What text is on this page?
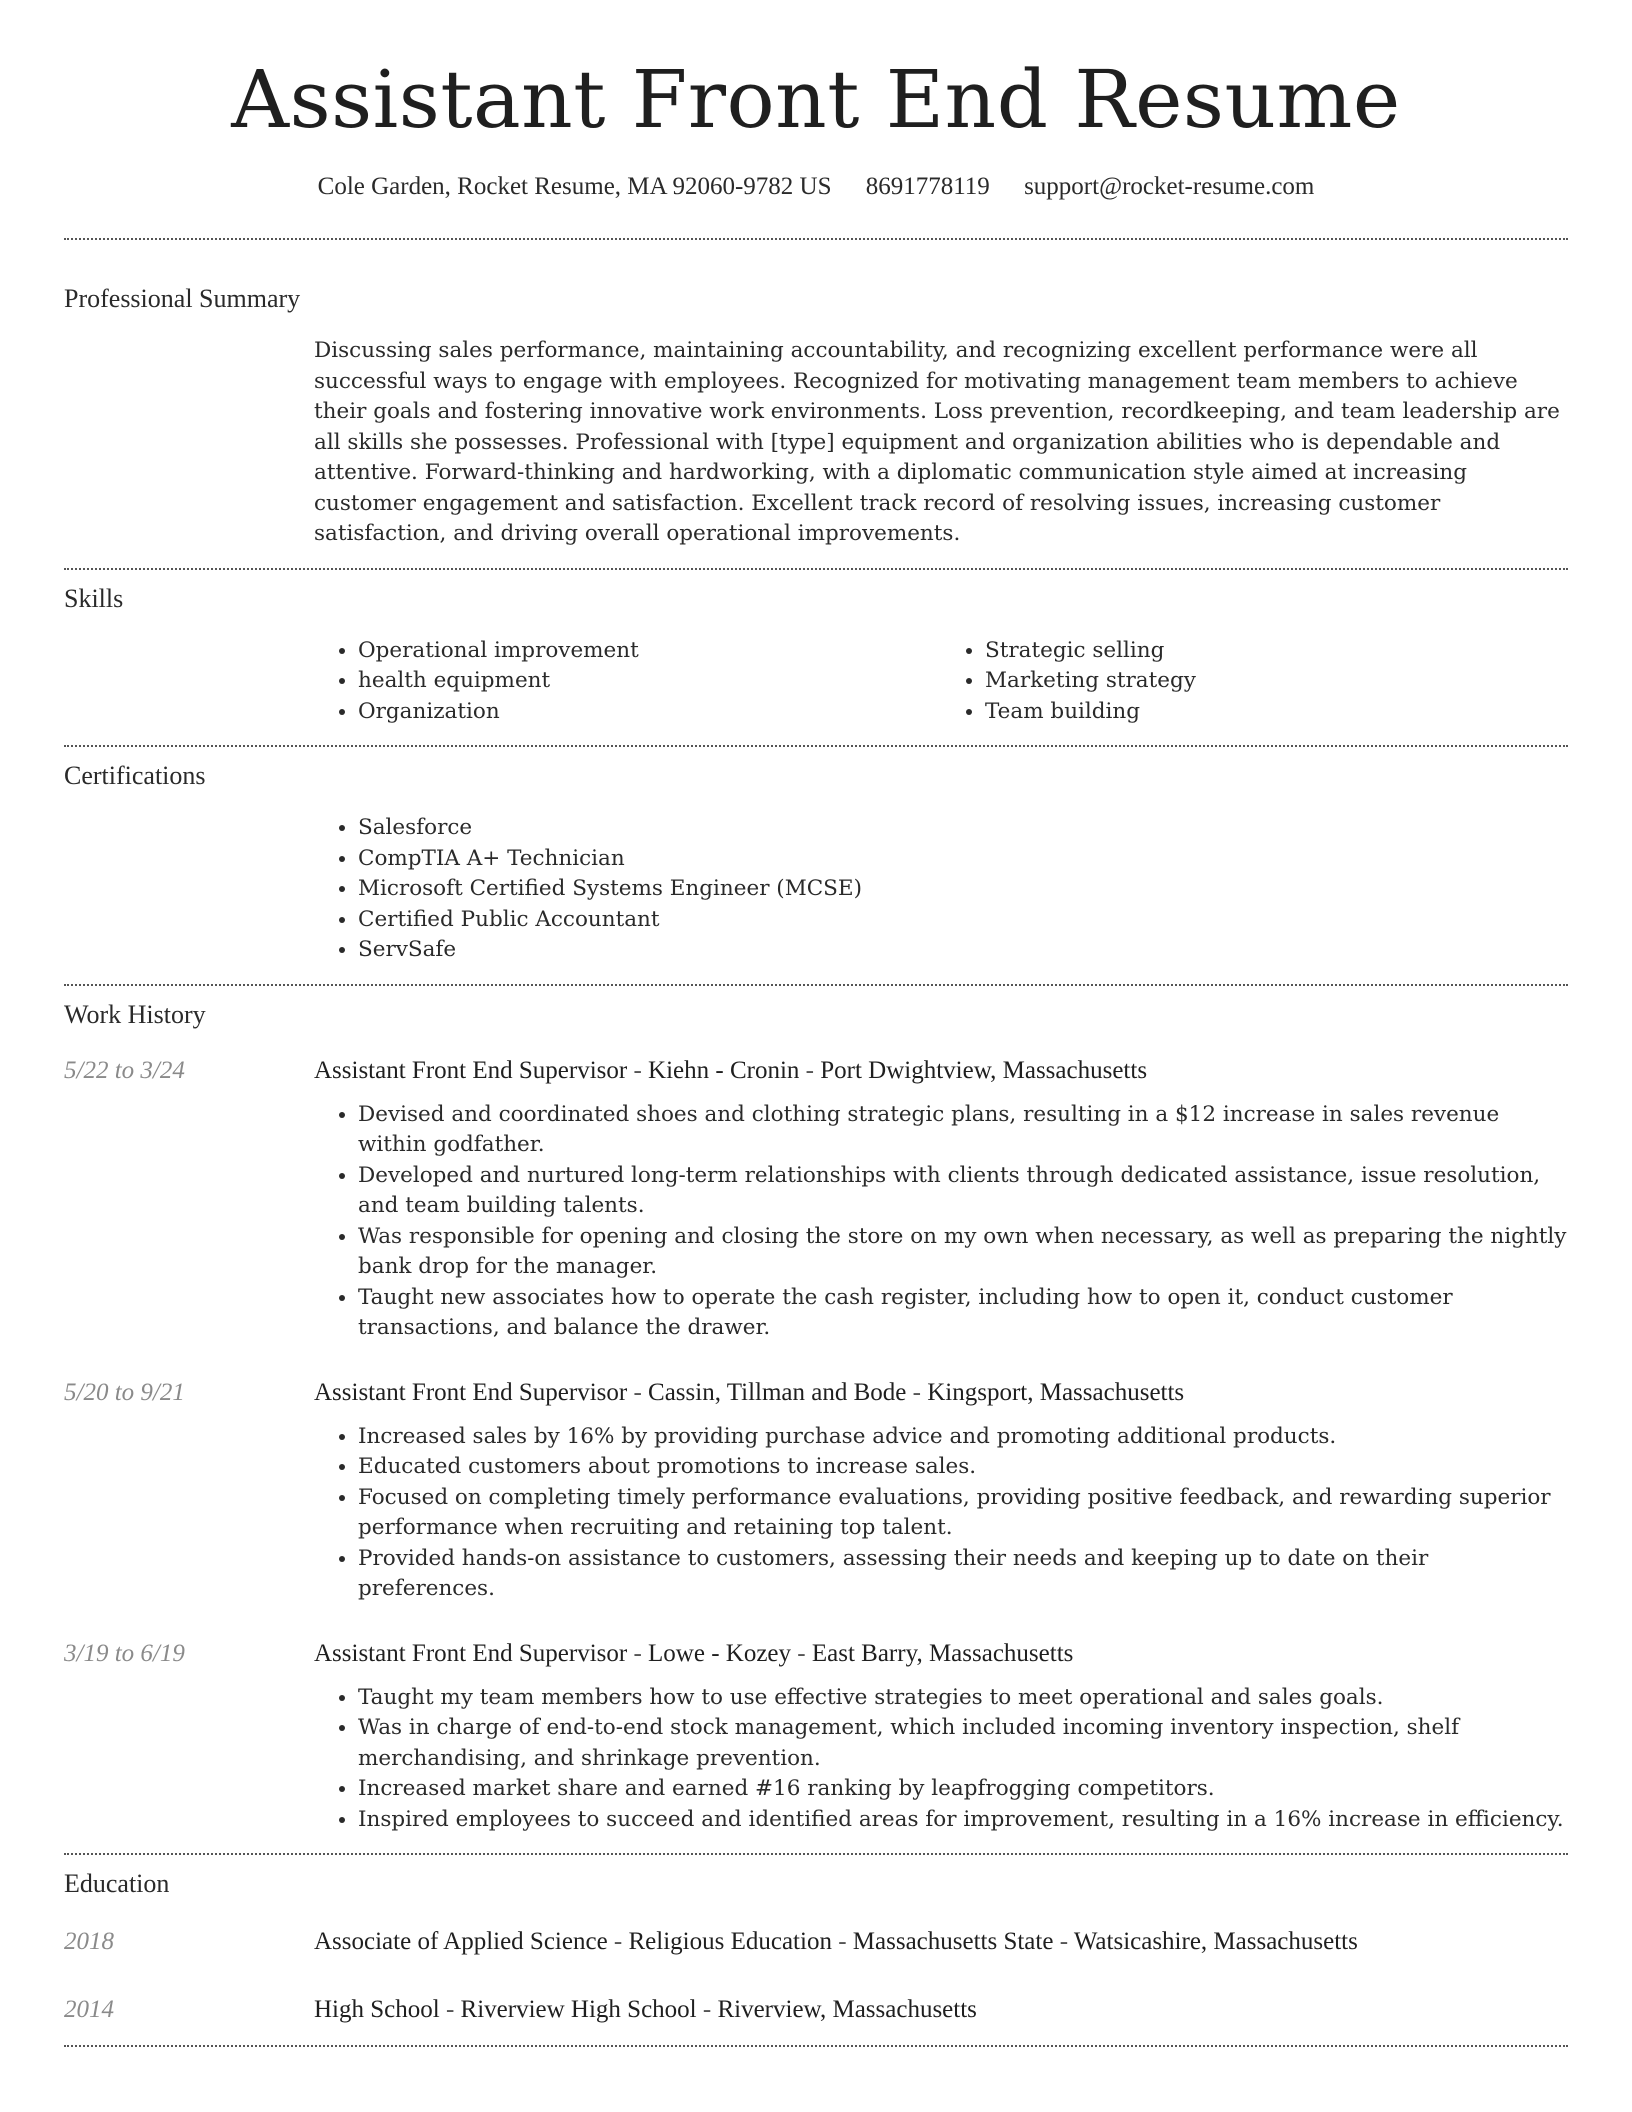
Assistant Front End Resume
Cole Garden, Rocket Resume, MA 92060-9782 US 8691778119 support@rocket-resume.com
Professional Summary

Discussing sales performance, maintaining accountability, and recognizing excellent performance were all successful ways to engage with employees. Recognized for motivating management team members to achieve their goals and fostering innovative work environments. Loss prevention, recordkeeping, and team leadership are all skills she possesses. Professional with [type] equipment and organization abilities who is dependable and attentive. Forward-thinking and hardworking, with a diplomatic communication style aimed at increasing customer engagement and satisfaction. Excellent track record of resolving issues, increasing customer satisfaction, and driving overall operational improvements.

Skills
• Operational improvement
• health equipment
• Organization
• Strategic selling
• Marketing strategy
• Team building
Certifications
• Salesforce
• CompTIA A+ Technician
• Microsoft Certified Systems Engineer (MCSE)
• Certified Public Accountant
• ServSafe
Work History
5/22 to 3/24	Assistant Front End Supervisor - Kiehn - Cronin - Port Dwightview, Massachusetts
• Devised and coordinated shoes and clothing strategic plans, resulting in a $12 increase in sales revenue within godfather.
• Developed and nurtured long-term relationships with clients through dedicated assistance, issue resolution, and team building talents.
• Was responsible for opening and closing the store on my own when necessary, as well as preparing the nightly bank drop for the manager.
• Taught new associates how to operate the cash register, including how to open it, conduct customer transactions, and balance the drawer.
5/20 to 9/21	Assistant Front End Supervisor - Cassin, Tillman and Bode - Kingsport, Massachusetts
• Increased sales by 16% by providing purchase advice and promoting additional products.
• Educated customers about promotions to increase sales.
• Focused on completing timely performance evaluations, providing positive feedback, and rewarding superior performance when recruiting and retaining top talent.
• Provided hands-on assistance to customers, assessing their needs and keeping up to date on their preferences.
3/19 to 6/19	Assistant Front End Supervisor - Lowe - Kozey - East Barry, Massachusetts
• Taught my team members how to use effective strategies to meet operational and sales goals.
• Was in charge of end-to-end stock management, which included incoming inventory inspection, shelf merchandising, and shrinkage prevention.
• Increased market share and earned #16 ranking by leapfrogging competitors.
• Inspired employees to succeed and identified areas for improvement, resulting in a 16% increase in efficiency.
Education
2018	Associate of Applied Science - Religious Education - Massachusetts State - Watsicashire, Massachusetts
2014	High School - Riverview High School - Riverview, Massachusetts
